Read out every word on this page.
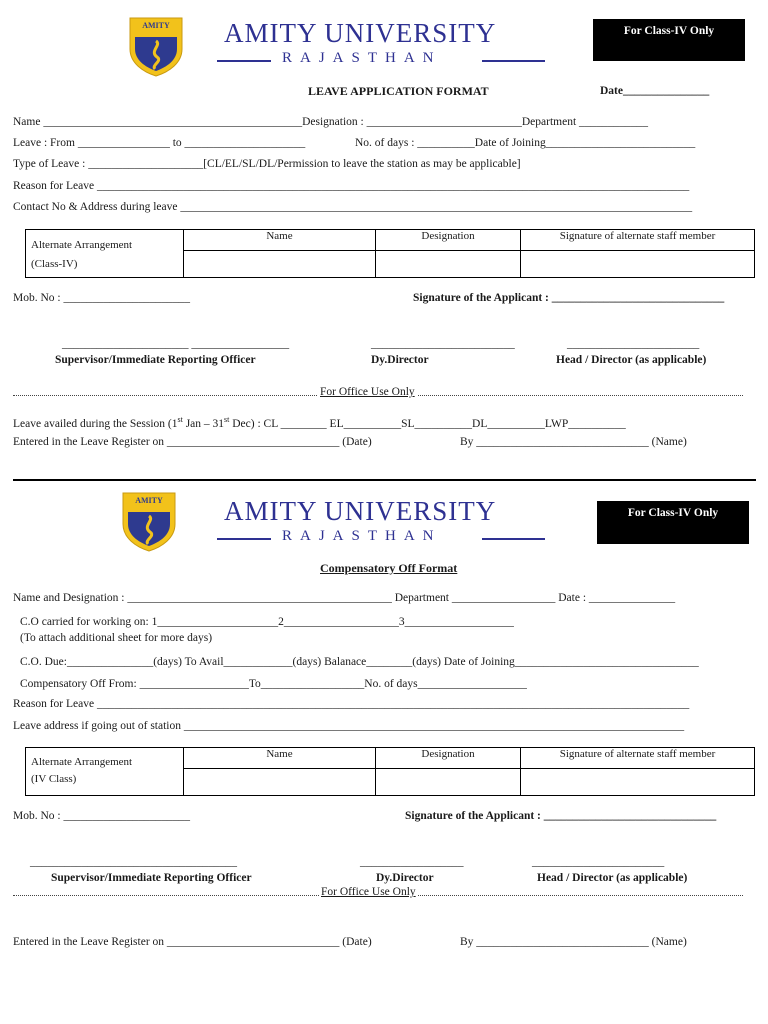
AMITY AMITY UNIVERSITY
RAJASTHAN
For Class-IV Only
LEAVE APPLICATION FORMAT	Date_______________
Name _____________________________________________Designation : ___________________________Department ____________
Leave : From ________________ to _____________________	No. of days : __________Date of Joining__________________________
Type of Leave : ____________________[CL/EL/SL/DL/Permission to leave the station as may be applicable]
Reason for Leave _______________________________________________________________________________________________________
Contact No & Address during leave _________________________________________________________________________________________
Alternate Arrangement
(Class-IV)	Name	Designation	Signature of alternate staff member

Mob. No : ______________________	Signature of the Applicant : ______________________________
______________________ _________________	_________________________	_______________________
Supervisor/Immediate Reporting Officer	Dy.Director	Head / Director (as applicable)
For Office Use Only
Leave availed during the Session (1st Jan – 31st Dec) : CL ________ EL__________SL__________DL__________LWP__________
Entered in the Leave Register on ______________________________ (Date)	By ______________________________ (Name)
AMITY AMITY UNIVERSITY
RAJASTHAN
For Class-IV Only
Compensatory Off Format
Name and Designation : ______________________________________________ Department __________________ Date : _______________
C.O carried for working on: 1_____________________2____________________3___________________
(To attach additional sheet for more days)
C.O. Due:_______________(days) To Avail____________(days) Balanace________(days) Date of Joining________________________________
Compensatory Off From: ___________________To__________________No. of days___________________
Reason for Leave _______________________________________________________________________________________________________
Leave address if going out of station _______________________________________________________________________________________
Alternate Arrangement
(IV Class)	Name	Designation	Signature of alternate staff member

Mob. No : ______________________	Signature of the Applicant : ______________________________
____________________________________	__________________	_______________________
Supervisor/Immediate Reporting Officer	Dy.Director	Head / Director (as applicable)
For Office Use Only
Entered in the Leave Register on ______________________________ (Date)	By ______________________________ (Name)
